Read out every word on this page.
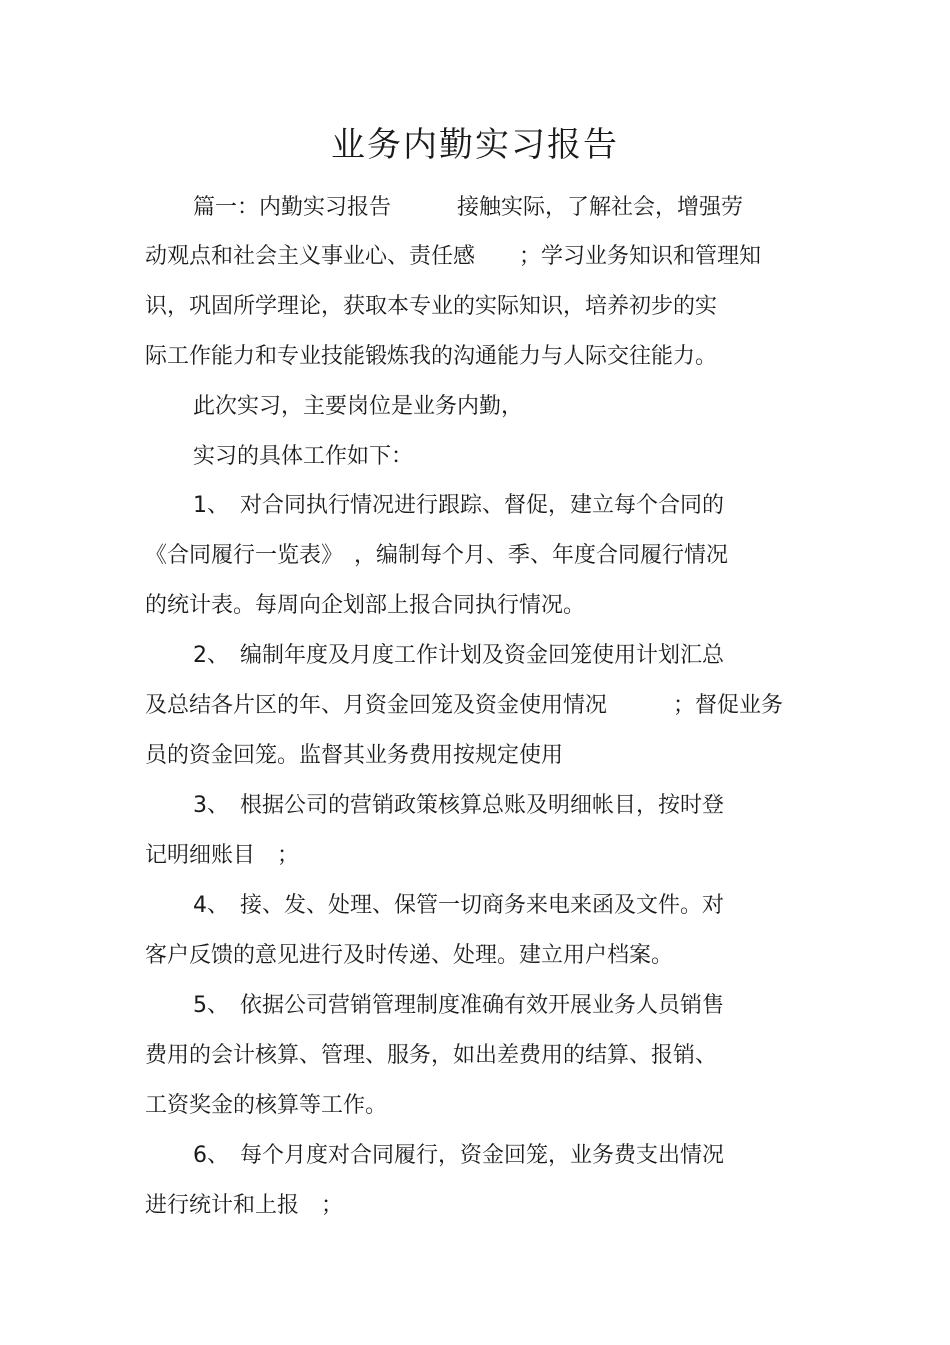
业务内勤实习报告
篇一：内勤实习报告　　　接触实际，了解社会，增强劳
动观点和社会主义事业心、责任感　　；学习业务知识和管理知
识，巩固所学理论，获取本专业的实际知识，培养初步的实
际工作能力和专业技能锻炼我的沟通能力与人际交往能力。
此次实习，主要岗位是业务内勤，
实习的具体工作如下：
1、　对合同执行情况进行跟踪、督促，建立每个合同的
《合同履行一览表》　，编制每个月、季、年度合同履行情况
的统计表。每周向企划部上报合同执行情况。
2、　编制年度及月度工作计划及资金回笼使用计划汇总
及总结各片区的年、月资金回笼及资金使用情况　　　；督促业务
员的资金回笼。监督其业务费用按规定使用
3、　根据公司的营销政策核算总账及明细帐目，按时登
记明细账目　；
4、　接、发、处理、保管一切商务来电来函及文件。对
客户反馈的意见进行及时传递、处理。建立用户档案。
5、　依据公司营销管理制度准确有效开展业务人员销售
费用的会计核算、管理、服务，如出差费用的结算、报销、
工资奖金的核算等工作。
6、　每个月度对合同履行，资金回笼，业务费支出情况
进行统计和上报　；
